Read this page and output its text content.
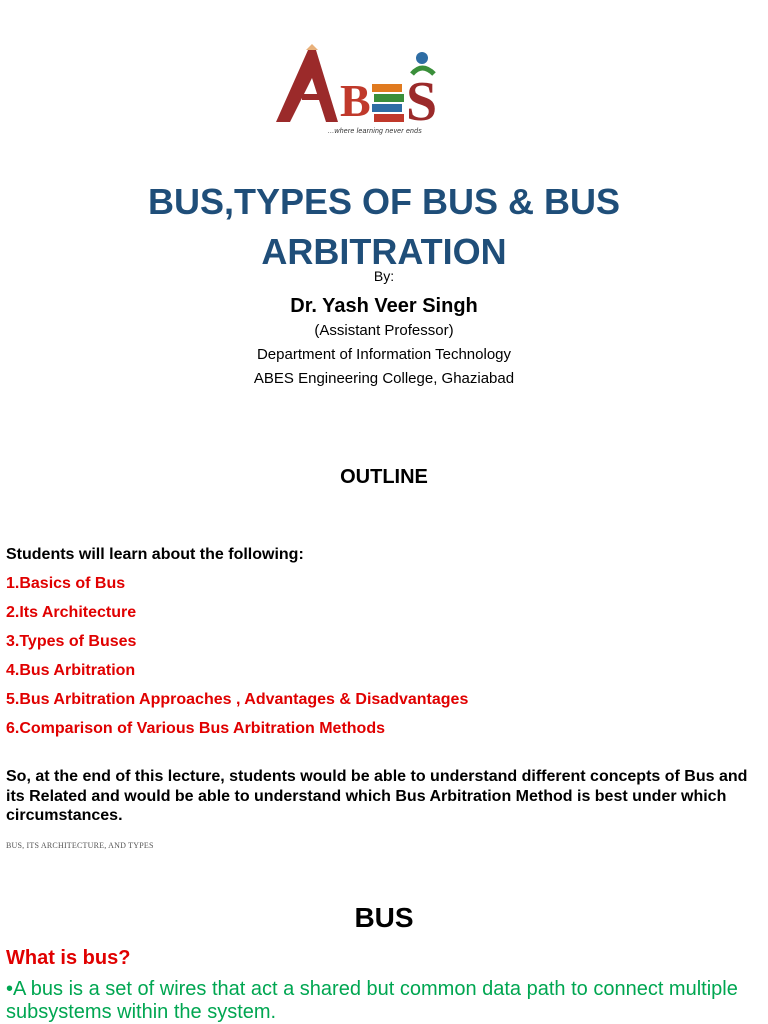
B S
...where learning never ends
BUS,TYPES OF BUS & BUS
ARBITRATION
By:
Dr. Yash Veer Singh
(Assistant Professor)
Department of Information Technology
ABES Engineering College, Ghaziabad
OUTLINE
Students will learn about the following:
1.Basics of Bus
2.Its Architecture
3.Types of Buses
4.Bus Arbitration
5.Bus Arbitration Approaches , Advantages & Disadvantages
6.Comparison of Various Bus Arbitration Methods
So, at the end of this lecture, students would be able to understand different concepts of Bus and its Related and would be able to understand which Bus Arbitration Method is best under which circumstances.
BUS, ITS ARCHITECTURE, AND TYPES
BUS
What is bus?
•A bus is a set of wires that act a shared but common data path to connect multiple subsystems within the system.
